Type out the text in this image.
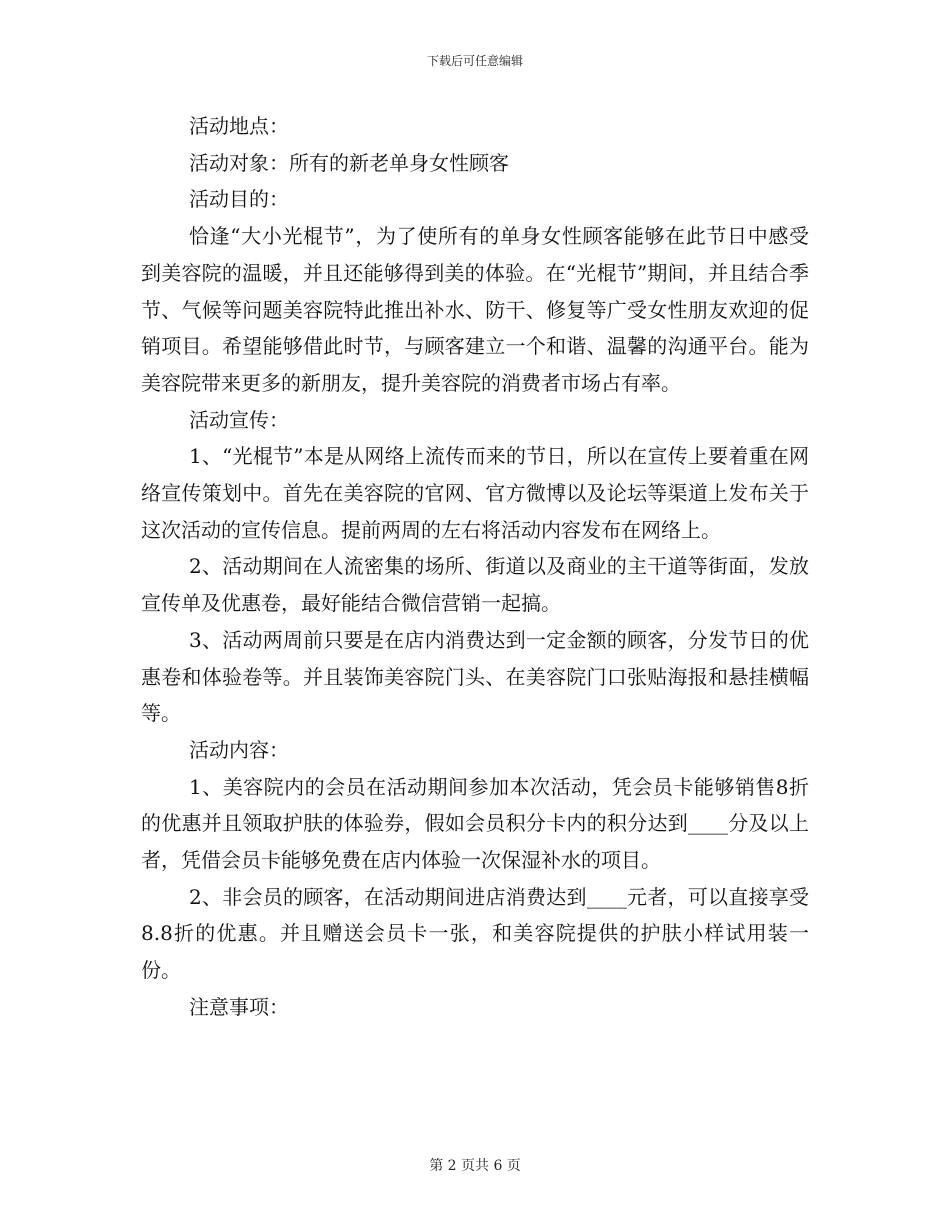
下载后可任意编辑

活动地点：

活动对象：所有的新老单身女性顾客

活动目的：

恰逢“大小光棍节”，为了使所有的单身女性顾客能够在此节日中感受到美容院的温暖，并且还能够得到美的体验。在“光棍节”期间，并且结合季节、气候等问题美容院特此推出补水、防干、修复等广受女性朋友欢迎的促销项目。希望能够借此时节，与顾客建立一个和谐、温馨的沟通平台。能为美容院带来更多的新朋友，提升美容院的消费者市场占有率。

活动宣传：

1、“光棍节”本是从网络上流传而来的节日，所以在宣传上要着重在网络宣传策划中。首先在美容院的官网、官方微博以及论坛等渠道上发布关于这次活动的宣传信息。提前两周的左右将活动内容发布在网络上。

2、活动期间在人流密集的场所、街道以及商业的主干道等街面，发放宣传单及优惠卷，最好能结合微信营销一起搞。

3、活动两周前只要是在店内消费达到一定金额的顾客，分发节日的优惠卷和体验卷等。并且装饰美容院门头、在美容院门口张贴海报和悬挂横幅等。

活动内容：

1、美容院内的会员在活动期间参加本次活动，凭会员卡能够销售8折的优惠并且领取护肤的体验券，假如会员积分卡内的积分达到____分及以上者，凭借会员卡能够免费在店内体验一次保湿补水的项目。

2、非会员的顾客，在活动期间进店消费达到____元者，可以直接享受8.8折的优惠。并且赠送会员卡一张，和美容院提供的护肤小样试用装一份。

注意事项：

第 2 页共 6 页
